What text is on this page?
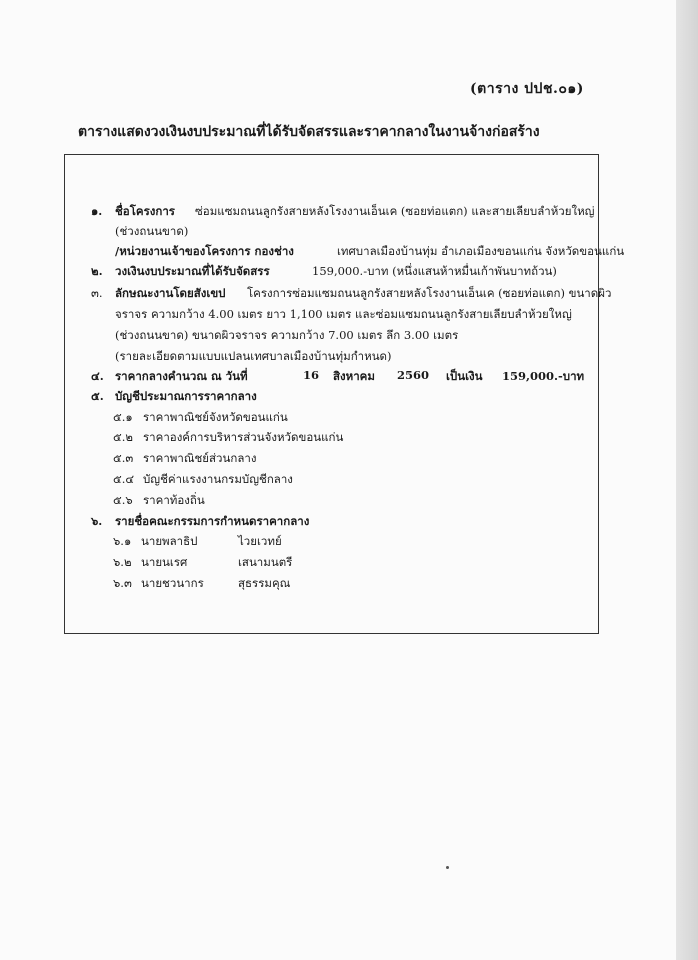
(ตาราง ปปช.๐๑)
ตารางแสดงวงเงินงบประมาณที่ได้รับจัดสรรและราคากลางในงานจ้างก่อสร้าง
๑. ชื่อโครงการ ซ่อมแซมถนนลูกรังสายหลังโรงงานเอ็นเค (ซอยท่อแตก) และสายเลียบลำห้วยใหญ่
(ช่วงถนนขาด)
/หน่วยงานเจ้าของโครงการ กองช่าง	เทศบาลเมืองบ้านทุ่ม อำเภอเมืองขอนแก่น จังหวัดขอนแก่น
๒. วงเงินงบประมาณที่ได้รับจัดสรร	159,000.-บาท (หนึ่งแสนห้าหมื่นเก้าพันบาทถ้วน)
๓. ลักษณะงานโดยสังเขป โครงการซ่อมแซมถนนลูกรังสายหลังโรงงานเอ็นเค (ซอยท่อแตก) ขนาดผิว
จราจร ความกว้าง 4.00 เมตร ยาว 1,100 เมตร และซ่อมแซมถนนลูกรังสายเลียบลำห้วยใหญ่
(ช่วงถนนขาด) ขนาดผิวจราจร ความกว้าง 7.00 เมตร ลึก 3.00 เมตร
(รายละเอียดตามแบบแปลนเทศบาลเมืองบ้านทุ่มกำหนด)
๔. ราคากลางคำนวณ ณ วันที่	16 สิงหาคม 2560 เป็นเงิน 159,000.-บาท
๕. บัญชีประมาณการราคากลาง
๕.๑ ราคาพาณิชย์จังหวัดขอนแก่น
๕.๒ ราคาองค์การบริหารส่วนจังหวัดขอนแก่น
๕.๓ ราคาพาณิชย์ส่วนกลาง
๕.๔ บัญชีค่าแรงงานกรมบัญชีกลาง
๕.๖ ราคาท้องถิ่น
๖. รายชื่อคณะกรรมการกำหนดราคากลาง
๖.๑ นายพลาธิป	ไวยเวทย์
๖.๒ นายนเรศ	เสนามนตรี
๖.๓ นายชวนากร	สุธรรมคุณ
